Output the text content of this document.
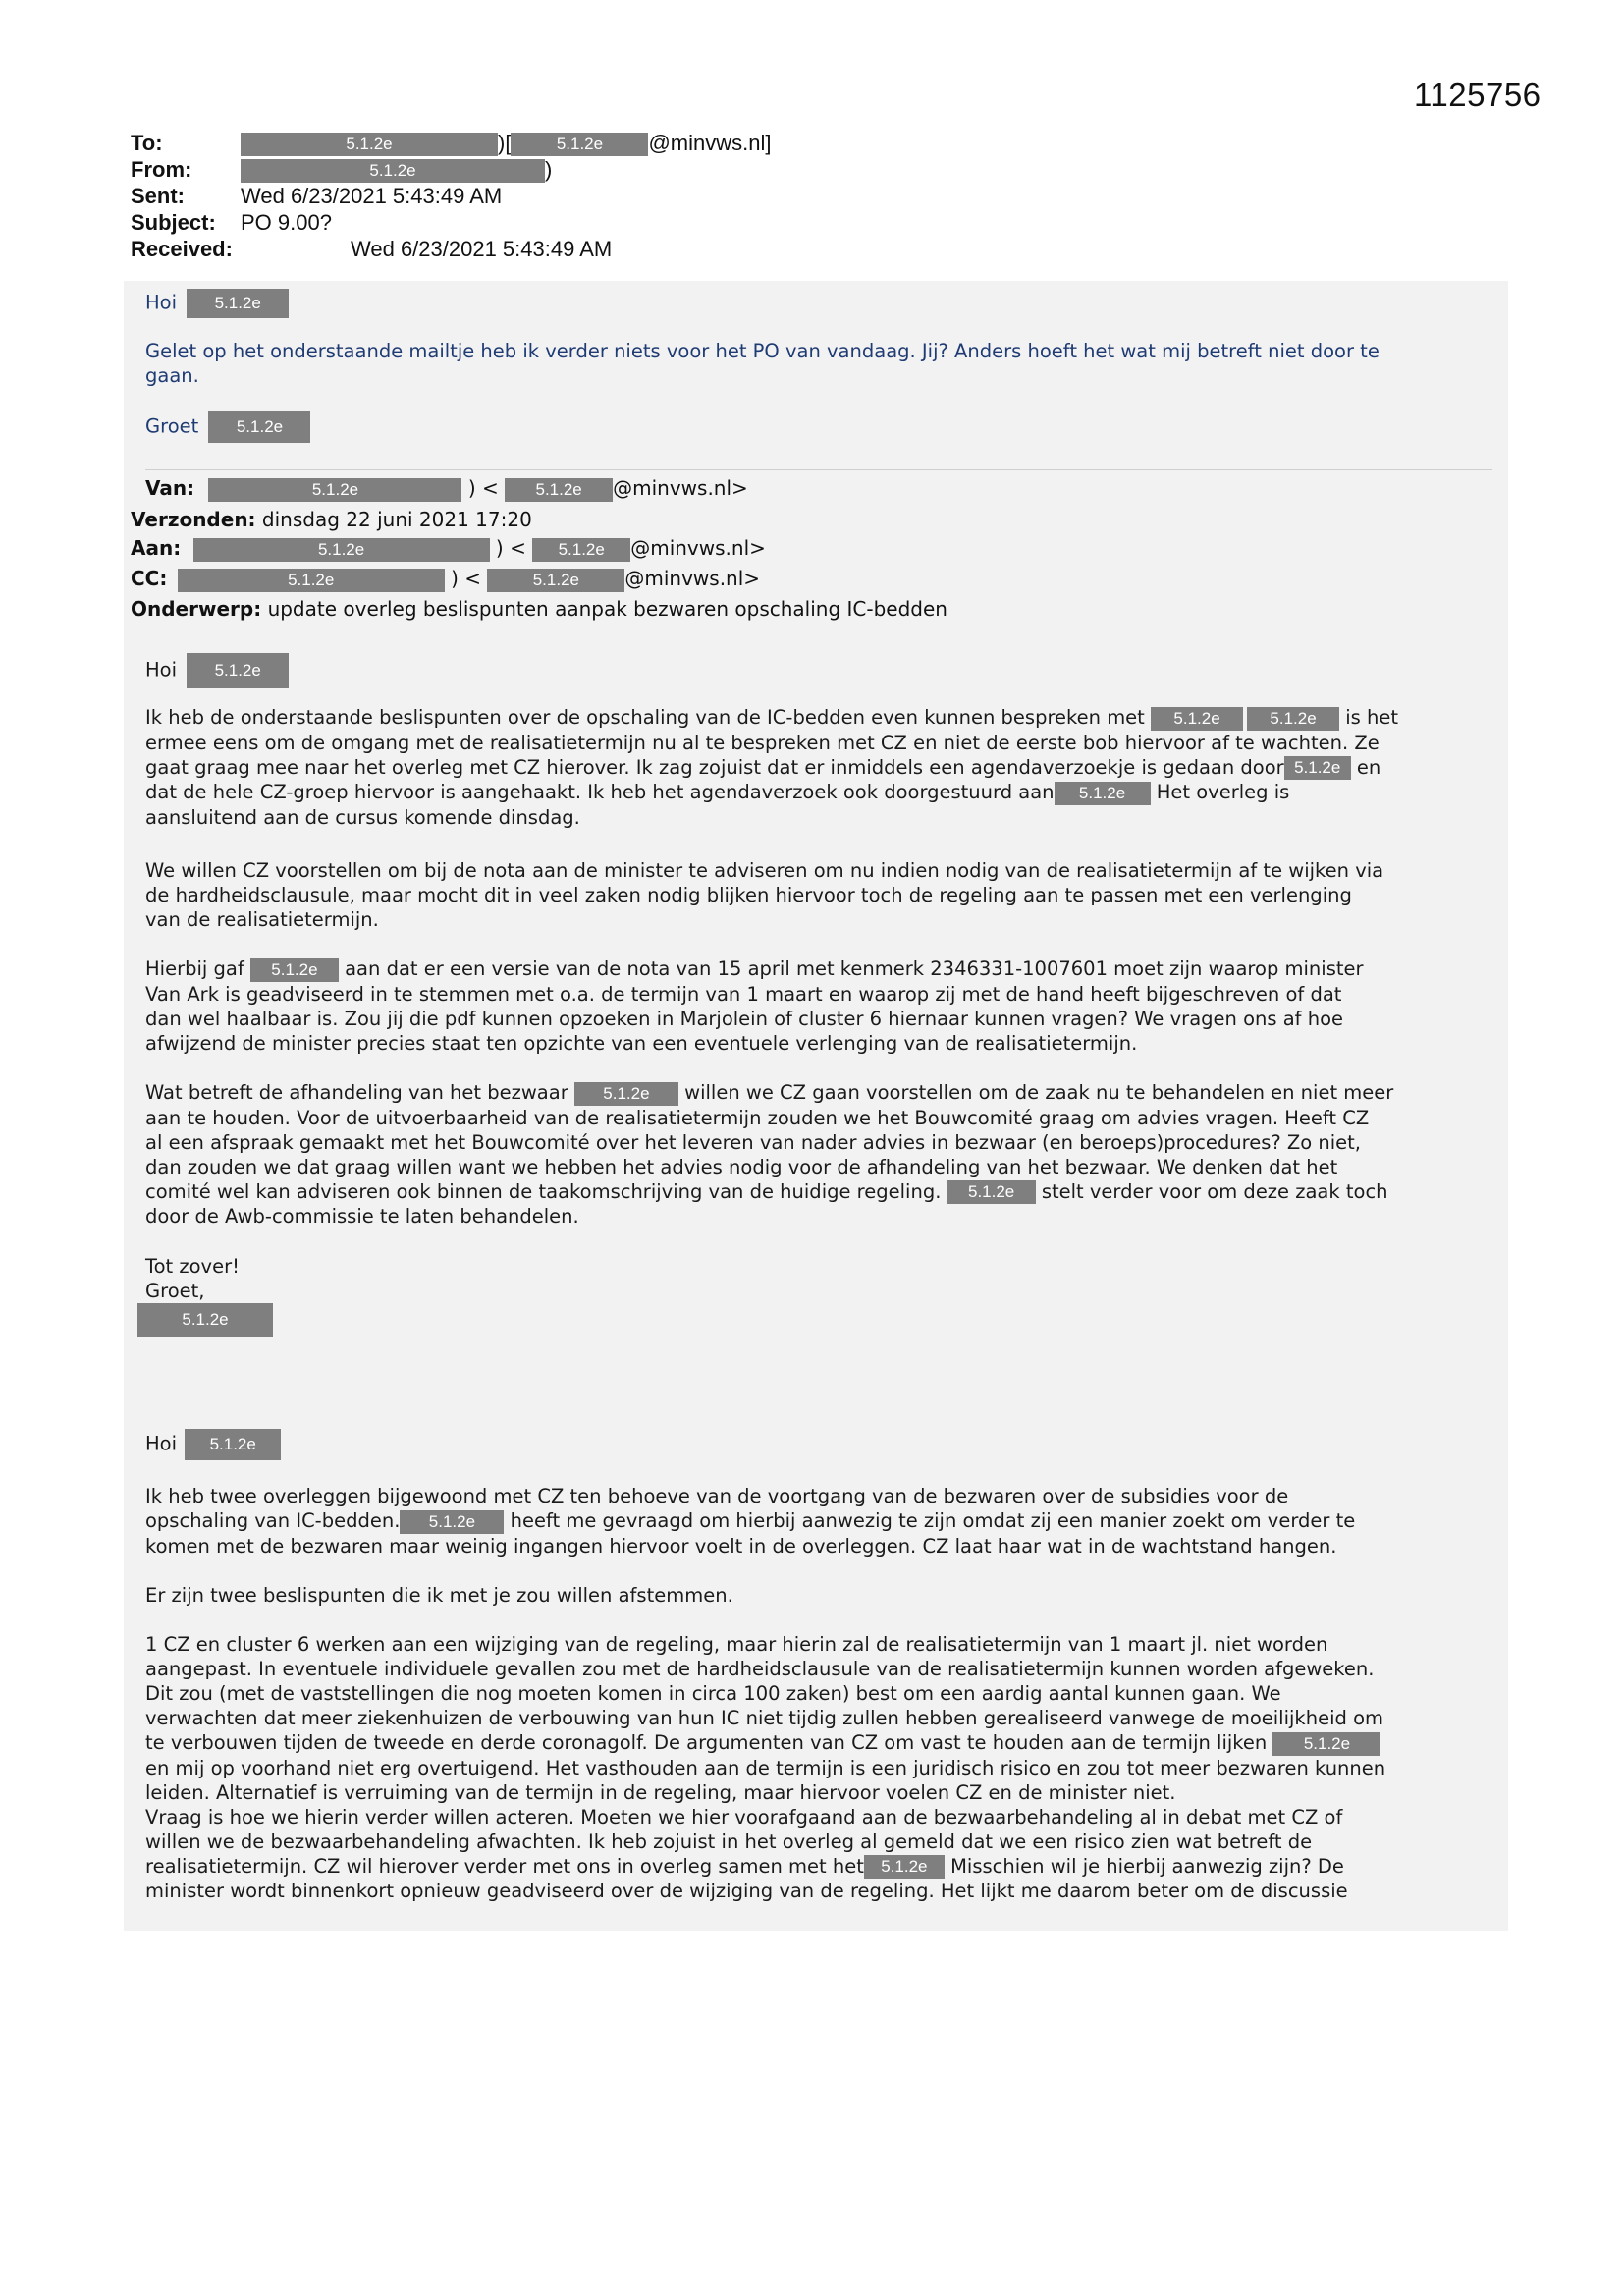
1125756
To:	5.1.2e	)[	5.1.2e @minvws.nl]
From:	5.1.2e	)
Sent:	Wed 6/23/2021 5:43:49 AM
Subject: PO 9.00?
Received:	Wed 6/23/2021 5:43:49 AM
Hoi 5.1.2e

Gelet op het onderstaande mailtje heb ik verder niets voor het PO van vandaag. Jij? Anders hoeft het wat mij betreft niet door te

gaan.

Groet 5.1.2e
Van:	5.1.2e	) < 5.1.2e @minvws.nl>
Verzonden: dinsdag 22 juni 2021 17:20
Aan:	5.1.2e	) < 5.1.2e @minvws.nl>
CC:	5.1.2e	) <	5.1.2e @minvws.nl>
Onderwerp: update overleg beslispunten aanpak bezwaren opschaling IC-bedden
Hoi 5.1.2e

Ik heb de onderstaande beslispunten over de opschaling van de IC-bedden even kunnen bespreken met 5.1.2e	5.1.2e is het

ermee eens om de omgang met de realisatietermijn nu al te bespreken met CZ en niet de eerste bob hiervoor af te wachten. Ze

gaat graag mee naar het overleg met CZ hierover. Ik zag zojuist dat er inmiddels een agendaverzoekje is gedaan door 5.1.2e en

dat de hele CZ-groep hiervoor is aangehaakt. Ik heb het agendaverzoek ook doorgestuurd aan 5.1.2e Het overleg is

aansluitend aan de cursus komende dinsdag.

We willen CZ voorstellen om bij de nota aan de minister te adviseren om nu indien nodig van de realisatietermijn af te wijken via

de hardheidsclausule, maar mocht dit in veel zaken nodig blijken hiervoor toch de regeling aan te passen met een verlenging

van de realisatietermijn.

Hierbij gaf 5.1.2e aan dat er een versie van de nota van 15 april met kenmerk 2346331-1007601 moet zijn waarop minister

Van Ark is geadviseerd in te stemmen met o.a. de termijn van 1 maart en waarop zij met de hand heeft bijgeschreven of dat

dan wel haalbaar is. Zou jij die pdf kunnen opzoeken in Marjolein of cluster 6 hiernaar kunnen vragen? We vragen ons af hoe

afwijzend de minister precies staat ten opzichte van een eventuele verlenging van de realisatietermijn.

Wat betreft de afhandeling van het bezwaar 5.1.2e willen we CZ gaan voorstellen om de zaak nu te behandelen en niet meer

aan te houden. Voor de uitvoerbaarheid van de realisatietermijn zouden we het Bouwcomité graag om advies vragen. Heeft CZ

al een afspraak gemaakt met het Bouwcomité over het leveren van nader advies in bezwaar (en beroeps)procedures? Zo niet,

dan zouden we dat graag willen want we hebben het advies nodig voor de afhandeling van het bezwaar. We denken dat het

comité wel kan adviseren ook binnen de taakomschrijving van de huidige regeling. 5.1.2e stelt verder voor om deze zaak toch

door de Awb-commissie te laten behandelen.

Tot zover!

Groet,

5.1.2e
Hoi 5.1.2e

Ik heb twee overleggen bijgewoond met CZ ten behoeve van de voortgang van de bezwaren over de subsidies voor de

opschaling van IC-bedden. 5.1.2e heeft me gevraagd om hierbij aanwezig te zijn omdat zij een manier zoekt om verder te

komen met de bezwaren maar weinig ingangen hiervoor voelt in de overleggen. CZ laat haar wat in de wachtstand hangen.

Er zijn twee beslispunten die ik met je zou willen afstemmen.

1 CZ en cluster 6 werken aan een wijziging van de regeling, maar hierin zal de realisatietermijn van 1 maart jl. niet worden

aangepast. In eventuele individuele gevallen zou met de hardheidsclausule van de realisatietermijn kunnen worden afgeweken.

Dit zou (met de vaststellingen die nog moeten komen in circa 100 zaken) best om een aardig aantal kunnen gaan. We

verwachten dat meer ziekenhuizen de verbouwing van hun IC niet tijdig zullen hebben gerealiseerd vanwege de moeilijkheid om

te verbouwen tijden de tweede en derde coronagolf. De argumenten van CZ om vast te houden aan de termijn lijken 5.1.2e

en mij op voorhand niet erg overtuigend. Het vasthouden aan de termijn is een juridisch risico en zou tot meer bezwaren kunnen

leiden. Alternatief is verruiming van de termijn in de regeling, maar hiervoor voelen CZ en de minister niet.

Vraag is hoe we hierin verder willen acteren. Moeten we hier voorafgaand aan de bezwaarbehandeling al in debat met CZ of

willen we de bezwaarbehandeling afwachten. Ik heb zojuist in het overleg al gemeld dat we een risico zien wat betreft de

realisatietermijn. CZ wil hierover verder met ons in overleg samen met het 5.1.2e Misschien wil je hierbij aanwezig zijn? De

minister wordt binnenkort opnieuw geadviseerd over de wijziging van de regeling. Het lijkt me daarom beter om de discussie
